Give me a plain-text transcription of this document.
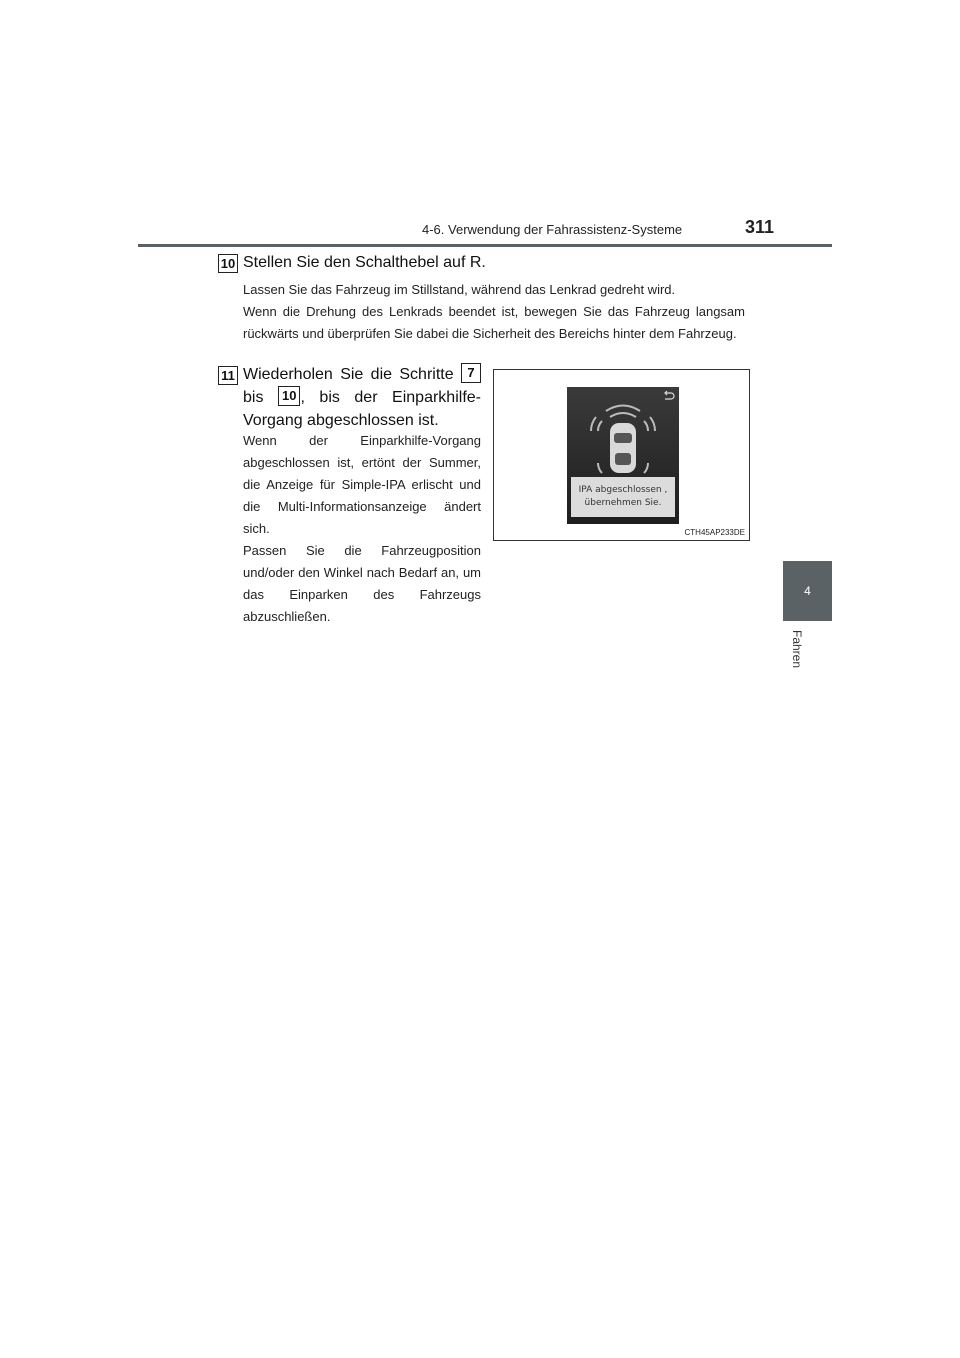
4-6. Verwendung der Fahrassistenz-Systeme	311
4
Fahren
10 Stellen Sie den Schalthebel auf R.

Lassen Sie das Fahrzeug im Stillstand, während das Lenkrad gedreht wird.

Wenn die Drehung des Lenkrads beendet ist, bewegen Sie das Fahrzeug langsam rückwärts und überprüfen Sie dabei die Sicherheit des Bereichs hinter dem Fahrzeug.

11 Wiederholen Sie die Schritte 7 bis 10 , bis der Einparkhilfe-Vorgang abgeschlossen ist.

Wenn der Einparkhilfe-Vorgang abgeschlossen ist, ertönt der Summer, die Anzeige für Simple-IPA erlischt und die Multi-Informationsanzeige ändert sich.

Passen Sie die Fahrzeugposition und/oder den Winkel nach Bedarf an, um das Einparken des Fahrzeugs abzuschließen.

IPA abgeschlossen ,
übernehmen Sie.
CTH45AP233DE
